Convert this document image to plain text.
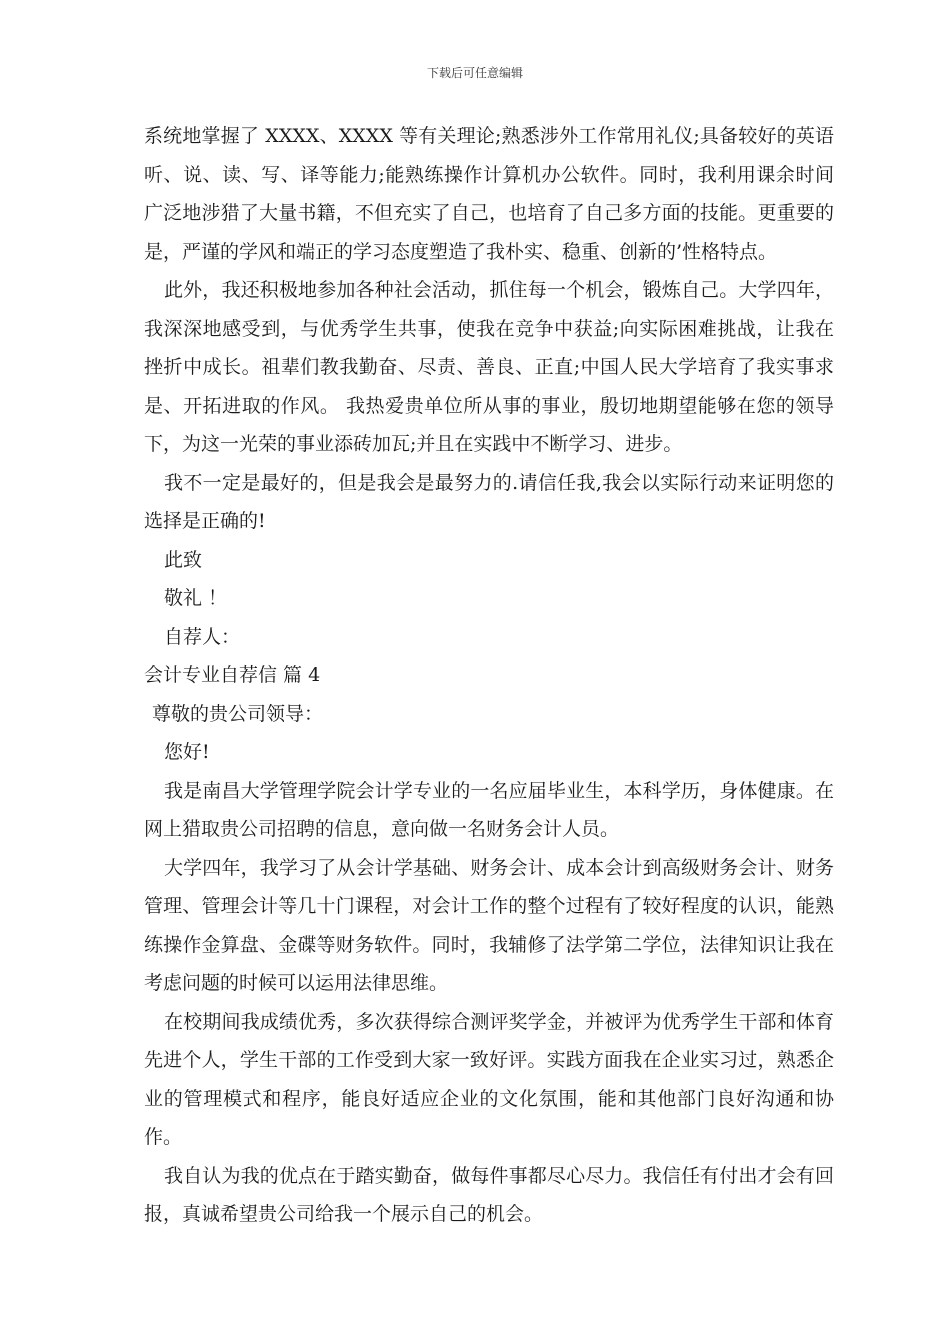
下载后可任意编辑

系统地掌握了 XXXX、XXXX 等有关理论;熟悉涉外工作常用礼仪;具备较好的英语听、说、读、写、译等能力;能熟练操作计算机办公软件。同时，我利用课余时间广泛地涉猎了大量书籍，不但充实了自己，也培育了自己多方面的技能。更重要的是，严谨的学风和端正的学习态度塑造了我朴实、稳重、创新的’性格特点。

此外，我还积极地参加各种社会活动，抓住每一个机会，锻炼自己。大学四年，我深深地感受到，与优秀学生共事，使我在竞争中获益;向实际困难挑战，让我在挫折中成长。祖辈们教我勤奋、尽责、善良、正直;中国人民大学培育了我实事求是、开拓进取的作风。 我热爱贵单位所从事的事业，殷切地期望能够在您的领导下，为这一光荣的事业添砖加瓦;并且在实践中不断学习、进步。

我不一定是最好的，但是我会是最努力的.请信任我,我会以实际行动来证明您的选择是正确的!

此致

敬礼 ！

自荐人：

会计专业自荐信 篇 4

尊敬的贵公司领导：

您好!

我是南昌大学管理学院会计学专业的一名应届毕业生，本科学历，身体健康。在网上猎取贵公司招聘的信息，意向做一名财务会计人员。

大学四年，我学习了从会计学基础、财务会计、成本会计到高级财务会计、财务管理、管理会计等几十门课程，对会计工作的整个过程有了较好程度的认识，能熟练操作金算盘、金碟等财务软件。同时，我辅修了法学第二学位，法律知识让我在考虑问题的时候可以运用法律思维。

在校期间我成绩优秀，多次获得综合测评奖学金，并被评为优秀学生干部和体育先进个人，学生干部的工作受到大家一致好评。实践方面我在企业实习过，熟悉企业的管理模式和程序，能良好适应企业的文化氛围，能和其他部门良好沟通和协作。

我自认为我的优点在于踏实勤奋，做每件事都尽心尽力。我信任有付出才会有回报，真诚希望贵公司给我一个展示自己的机会。
